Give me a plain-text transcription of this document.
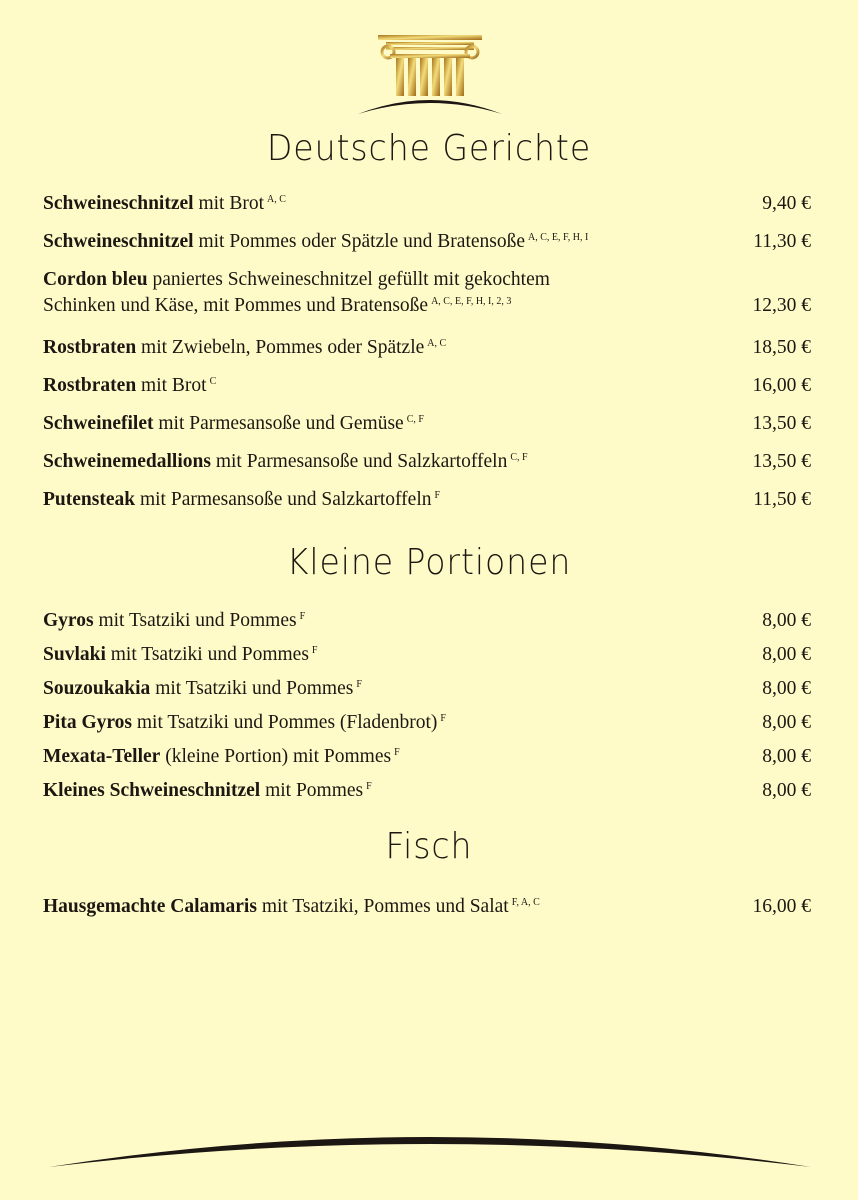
Deutsche Gerichte
Schweineschnitzel mit Brot $^{A, C}$	9,40 €
Schweineschnitzel mit Pommes oder Spätzle und Bratensoße $^{A, C, E, F, H, I}$	11,30 €
Cordon bleu paniertes Schweineschnitzel gefüllt mit gekochtem
Schinken und Käse, mit Pommes und Bratensoße $^{A, C, E, F, H, I, 2, 3}$	12,30 €
Rostbraten mit Zwiebeln, Pommes oder Spätzle $^{A, C}$	18,50 €
Rostbraten mit Brot $^C$	16,00 €
Schweinefilet mit Parmesansoße und Gemüse $^{C, F}$	13,50 €
Schweinemedallions mit Parmesansoße und Salzkartoffeln $^{C, F}$	13,50 €
Putensteak mit Parmesansoße und Salzkartoffeln $^F$	11,50 €
Kleine Portionen
Gyros mit Tsatziki und Pommes $^F$	8,00 €
Suvlaki mit Tsatziki und Pommes $^F$	8,00 €
Souzoukakia mit Tsatziki und Pommes $^F$	8,00 €
Pita Gyros mit Tsatziki und Pommes (Fladenbrot) $^F$	8,00 €
Mexata-Teller (kleine Portion) mit Pommes $^F$	8,00 €
Kleines Schweineschnitzel mit Pommes $^F$	8,00 €
Fisch
Hausgemachte Calamaris mit Tsatziki, Pommes und Salat $^{F, A, C}$	16,00 €
